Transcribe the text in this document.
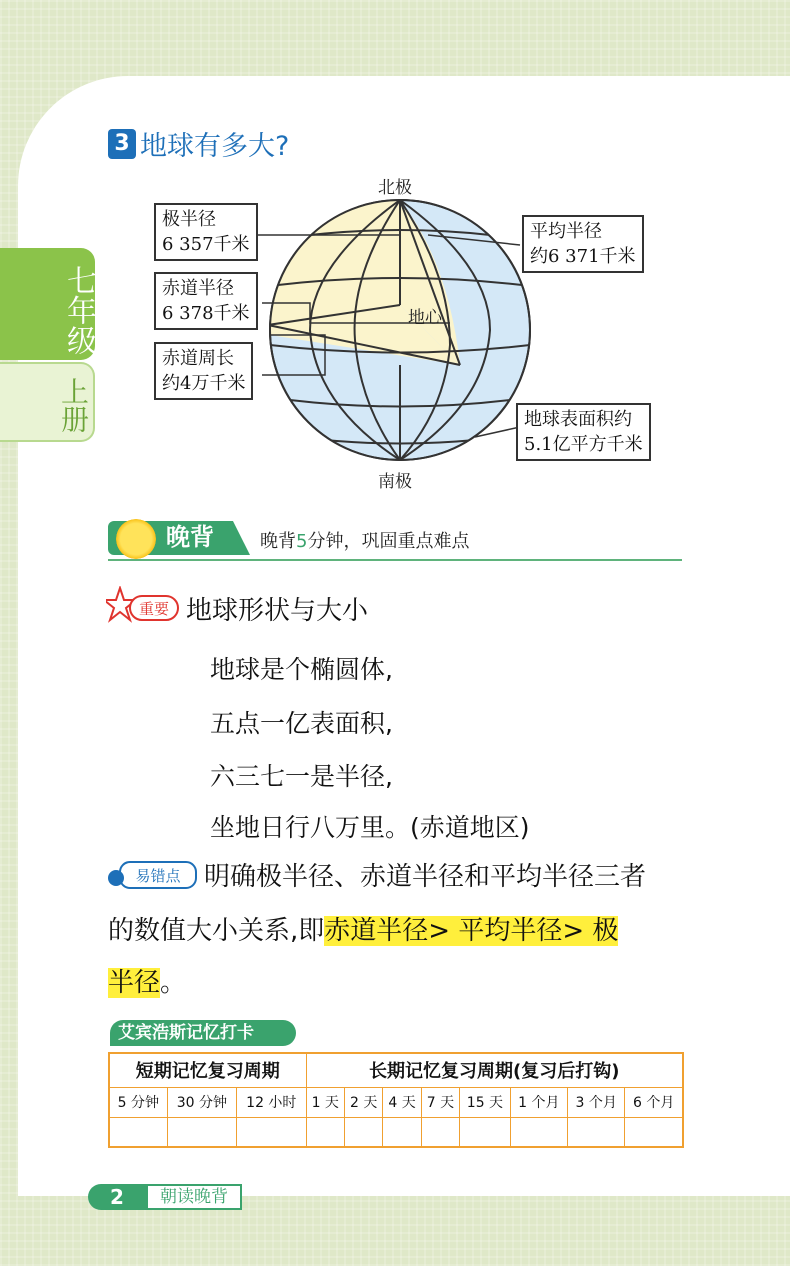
七年级
上册
3 地球有多大?
北极
南极
地心
极半径
6 357千米
赤道半径
6 378千米
赤道周长
约4万千米
平均半径
约6 371千米
地球表面积约
5.1亿平方千米
晚背	晚背5分钟，巩固重点难点
重要 地球形状与大小
地球是个椭圆体,
五点一亿表面积,
六三七一是半径,
坐地日行八万里。(赤道地区)
易错点 明确极半径、赤道半径和平均半径三者
的数值大小关系,即赤道半径> 平均半径> 极
半径。
艾宾浩斯记忆打卡
短期记忆复习周期			长期记忆复习周期(复习后打钩)							
5 分钟	30 分钟	12 小时	1 天	2 天	4 天	7 天	15 天	1 个月	3 个月	6 个月

2	朝读晚背
